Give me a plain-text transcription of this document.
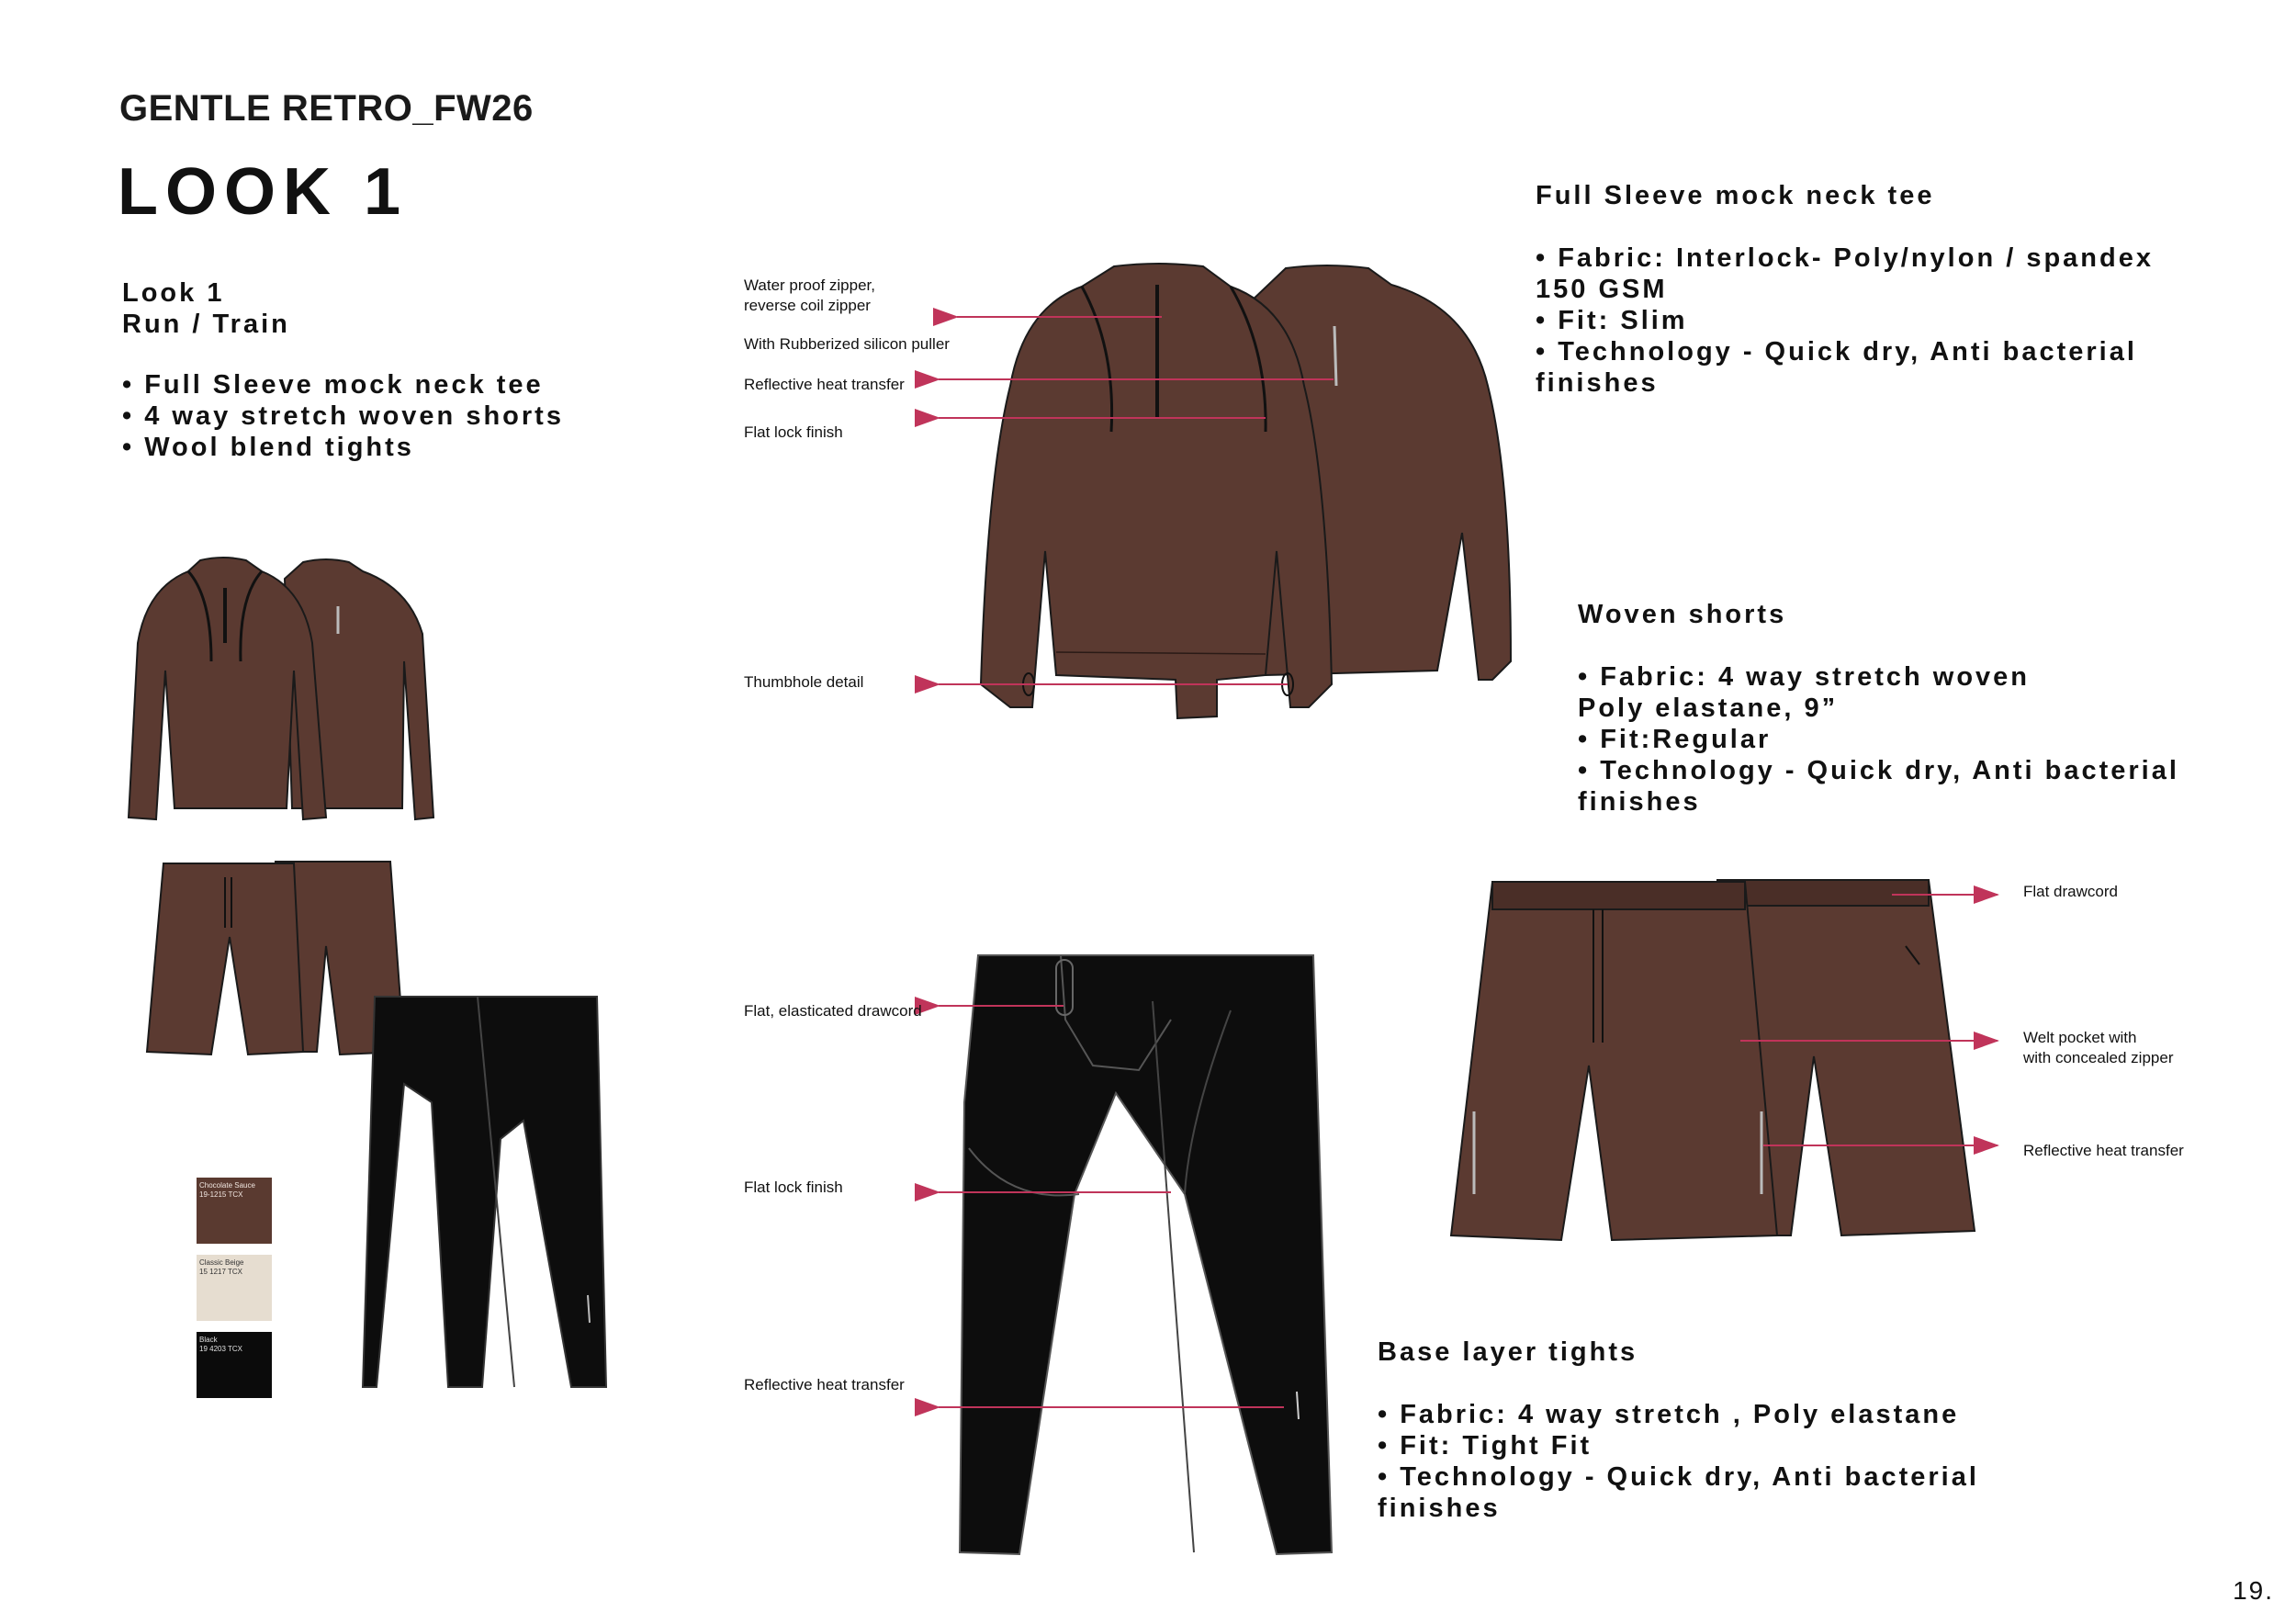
GENTLE RETRO_FW26
LOOK 1
Look 1
Run / Train
• Full Sleeve mock neck tee
• 4 way stretch woven shorts
• Wool blend tights
Chocolate Sauce
19-1215 TCX
Classic Beige
15 1217 TCX
Black
19 4203 TCX
Water proof zipper,
reverse coil zipper
With Rubberized silicon puller
Reflective heat transfer
Flat lock finish
Thumbhole detail
Full Sleeve mock neck tee

• Fabric: Interlock- Poly/nylon / spandex
150 GSM
• Fit: Slim
• Technology - Quick dry, Anti bacterial
finishes
Woven shorts

• Fabric: 4 way stretch woven
Poly elastane, 9”
• Fit:Regular
• Technology - Quick dry, Anti bacterial
finishes
Flat drawcord
Welt pocket with
with concealed zipper
Reflective heat transfer
Flat, elasticated drawcord
Flat lock finish
Reflective heat transfer
Base layer tights

• Fabric: 4 way stretch , Poly elastane
• Fit: Tight Fit
• Technology - Quick dry, Anti bacterial
finishes
19.
